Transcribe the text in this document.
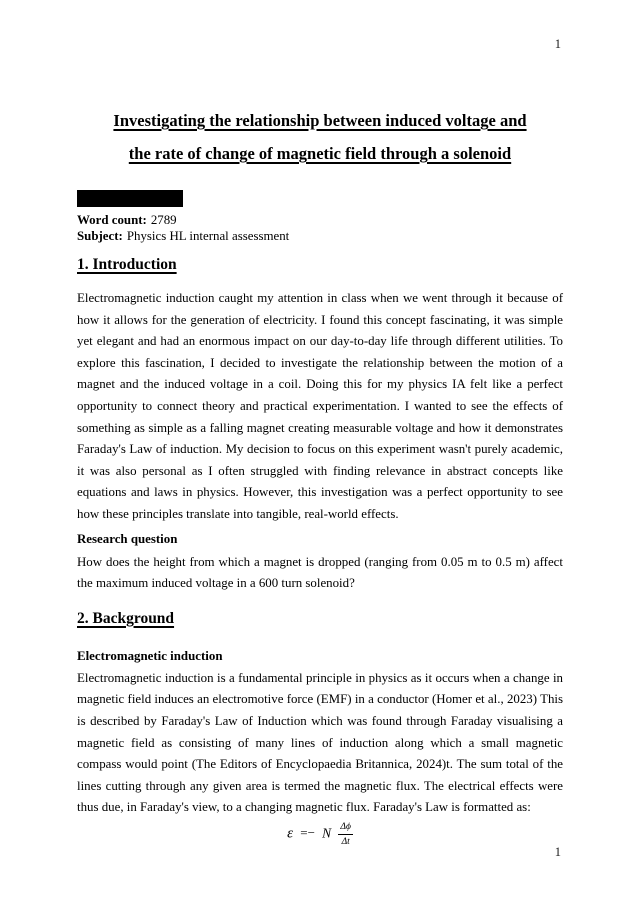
1
Investigating the relationship between induced voltage and
the rate of change of magnetic field through a solenoid

Word count: 2789

Subject: Physics HL internal assessment

1. Introduction

Electromagnetic induction caught my attention in class when we went through it because of how it allows for the generation of electricity. I found this concept fascinating, it was simple yet elegant and had an enormous impact on our day-to-day life through different utilities. To explore this fascination, I decided to investigate the relationship between the motion of a magnet and the induced voltage in a coil. Doing this for my physics IA felt like a perfect opportunity to connect theory and practical experimentation. I wanted to see the effects of something as simple as a falling magnet creating measurable voltage and how it demonstrates Faraday's Law of induction. My decision to focus on this experiment wasn't purely academic, it was also personal as I often struggled with finding relevance in abstract concepts like equations and laws in physics. However, this investigation was a perfect opportunity to see how these principles translate into tangible, real-world effects.

Research question

How does the height from which a magnet is dropped (ranging from 0.05 m to 0.5 m) affect the maximum induced voltage in a 600 turn solenoid?

2. Background
Electromagnetic induction

Electromagnetic induction is a fundamental principle in physics as it occurs when a change in magnetic field induces an electromotive force (EMF) in a conductor (Homer et al., 2023) This is described by Faraday's Law of Induction which was found through Faraday visualising a magnetic field as consisting of many lines of induction along which a small magnetic compass would point (The Editors of Encyclopaedia Britannica, 2024)t. The sum total of the lines cutting through any given area is termed the magnetic flux. The electrical effects were thus due, in Faraday's view, to a changing magnetic flux. Faraday's Law is formatted as:

ε =− N $\frac{\Delta\phi}{\Delta t}$
1
